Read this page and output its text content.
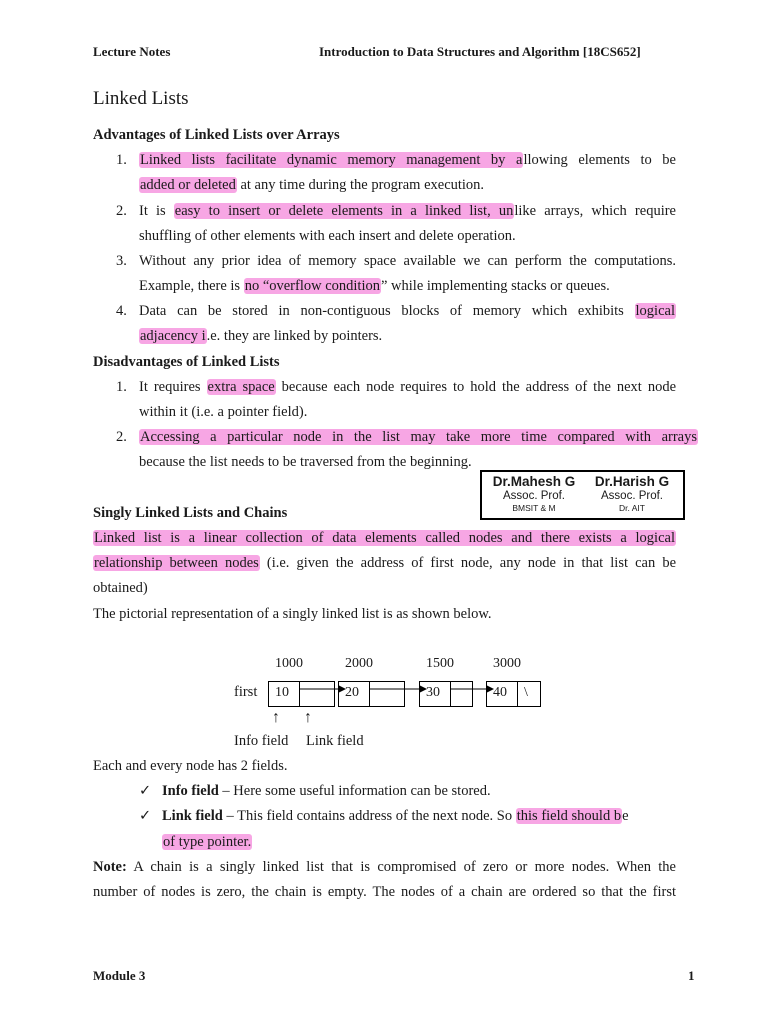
Lecture Notes	Introduction to Data Structures and Algorithm [18CS652]
Linked Lists
Advantages of Linked Lists over Arrays
1. Linked lists facilitate dynamic memory management by allowing elements to be
added or deleted at any time during the program execution.
2. It is easy to insert or delete elements in a linked list, unlike arrays, which require
shuffling of other elements with each insert and delete operation.
3. Without any prior idea of memory space available we can perform the computations.
Example, there is no “overflow condition” while implementing stacks or queues.
4. Data can be stored in non-contiguous blocks of memory which exhibits logical
adjacency i.e. they are linked by pointers.
Disadvantages of Linked Lists
1. It requires extra space because each node requires to hold the address of the next node
within it (i.e. a pointer field).
2. Accessing a particular node in the list may take more time compared with arrays
because the list needs to be traversed from the beginning.
Dr.Mahesh G
Assoc. Prof.
BMSIT & M
Dr.Harish G
Assoc. Prof.
Dr. AIT
Singly Linked Lists and Chains
Linked list is a linear collection of data elements called nodes and there exists a logical
relationship between nodes (i.e. given the address of first node, any node in that list can be
obtained)
The pictorial representation of a singly linked list is as shown below.
1000	2000	1500	3000
first 10	20	30	40 \
↑ ↑
Info field Link field
Each and every node has 2 fields.
✓ Info field – Here some useful information can be stored.
✓ Link field – This field contains address of the next node. So this field should be
of type pointer.
Note: A chain is a singly linked list that is compromised of zero or more nodes. When the
number of nodes is zero, the chain is empty. The nodes of a chain are ordered so that the first
Module 3	1
